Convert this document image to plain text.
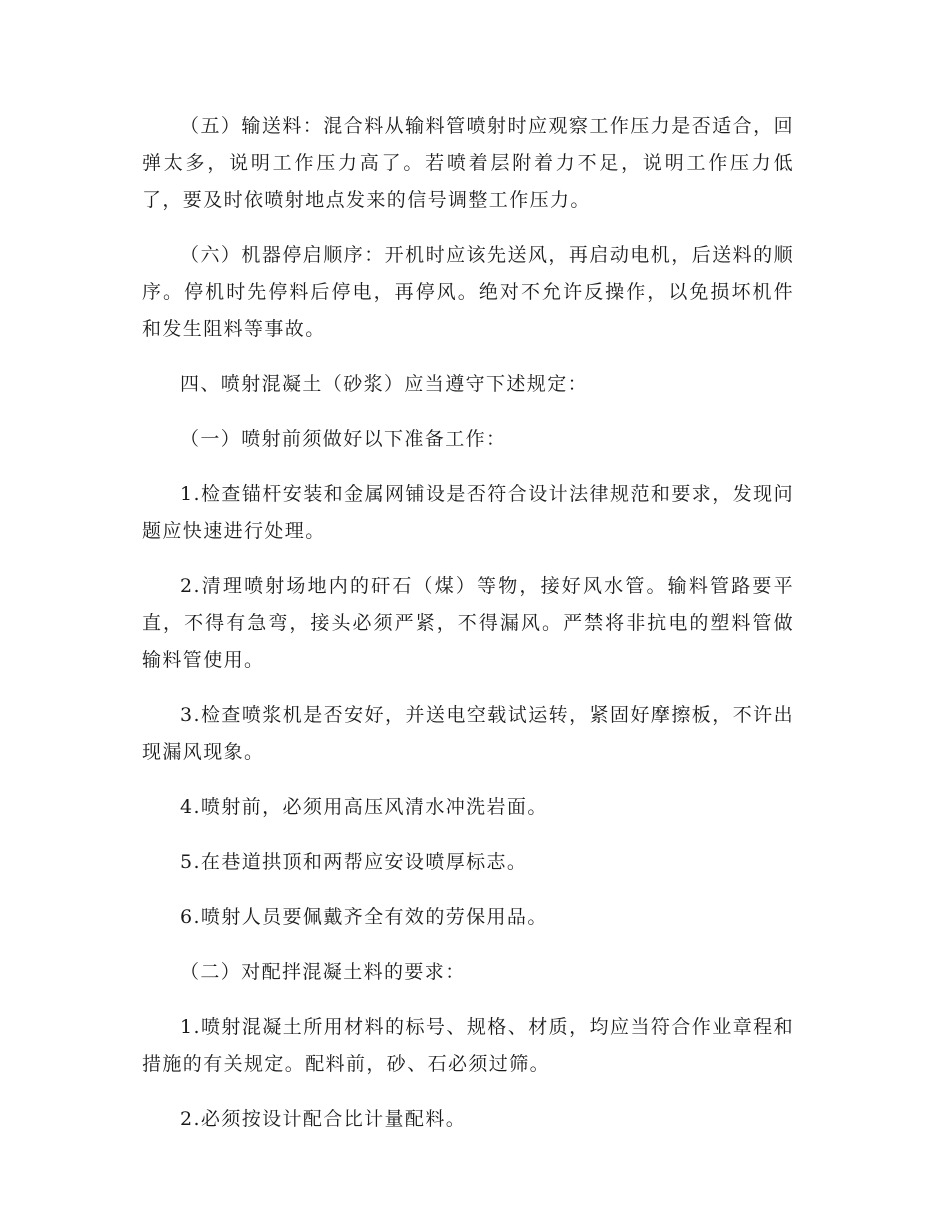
（五）输送料：混合料从输料管喷射时应观察工作压力是否适合，回弹太多，说明工作压力高了。若喷着层附着力不足，说明工作压力低了，要及时依喷射地点发来的信号调整工作压力。

（六）机器停启顺序：开机时应该先送风，再启动电机，后送料的顺序。停机时先停料后停电，再停风。绝对不允许反操作，以免损坏机件和发生阻料等事故。

四、喷射混凝土（砂浆）应当遵守下述规定：

（一）喷射前须做好以下准备工作：

1.检查锚杆安装和金属网铺设是否符合设计法律规范和要求，发现问题应快速进行处理。

2.清理喷射场地内的矸石（煤）等物，接好风水管。输料管路要平直，不得有急弯，接头必须严紧，不得漏风。严禁将非抗电的塑料管做输料管使用。

3.检查喷浆机是否安好，并送电空载试运转，紧固好摩擦板，不许出现漏风现象。

4.喷射前，必须用高压风清水冲洗岩面。

5.在巷道拱顶和两帮应安设喷厚标志。

6.喷射人员要佩戴齐全有效的劳保用品。

（二）对配拌混凝土料的要求：

1.喷射混凝土所用材料的标号、规格、材质，均应当符合作业章程和措施的有关规定。配料前，砂、石必须过筛。

2.必须按设计配合比计量配料。
